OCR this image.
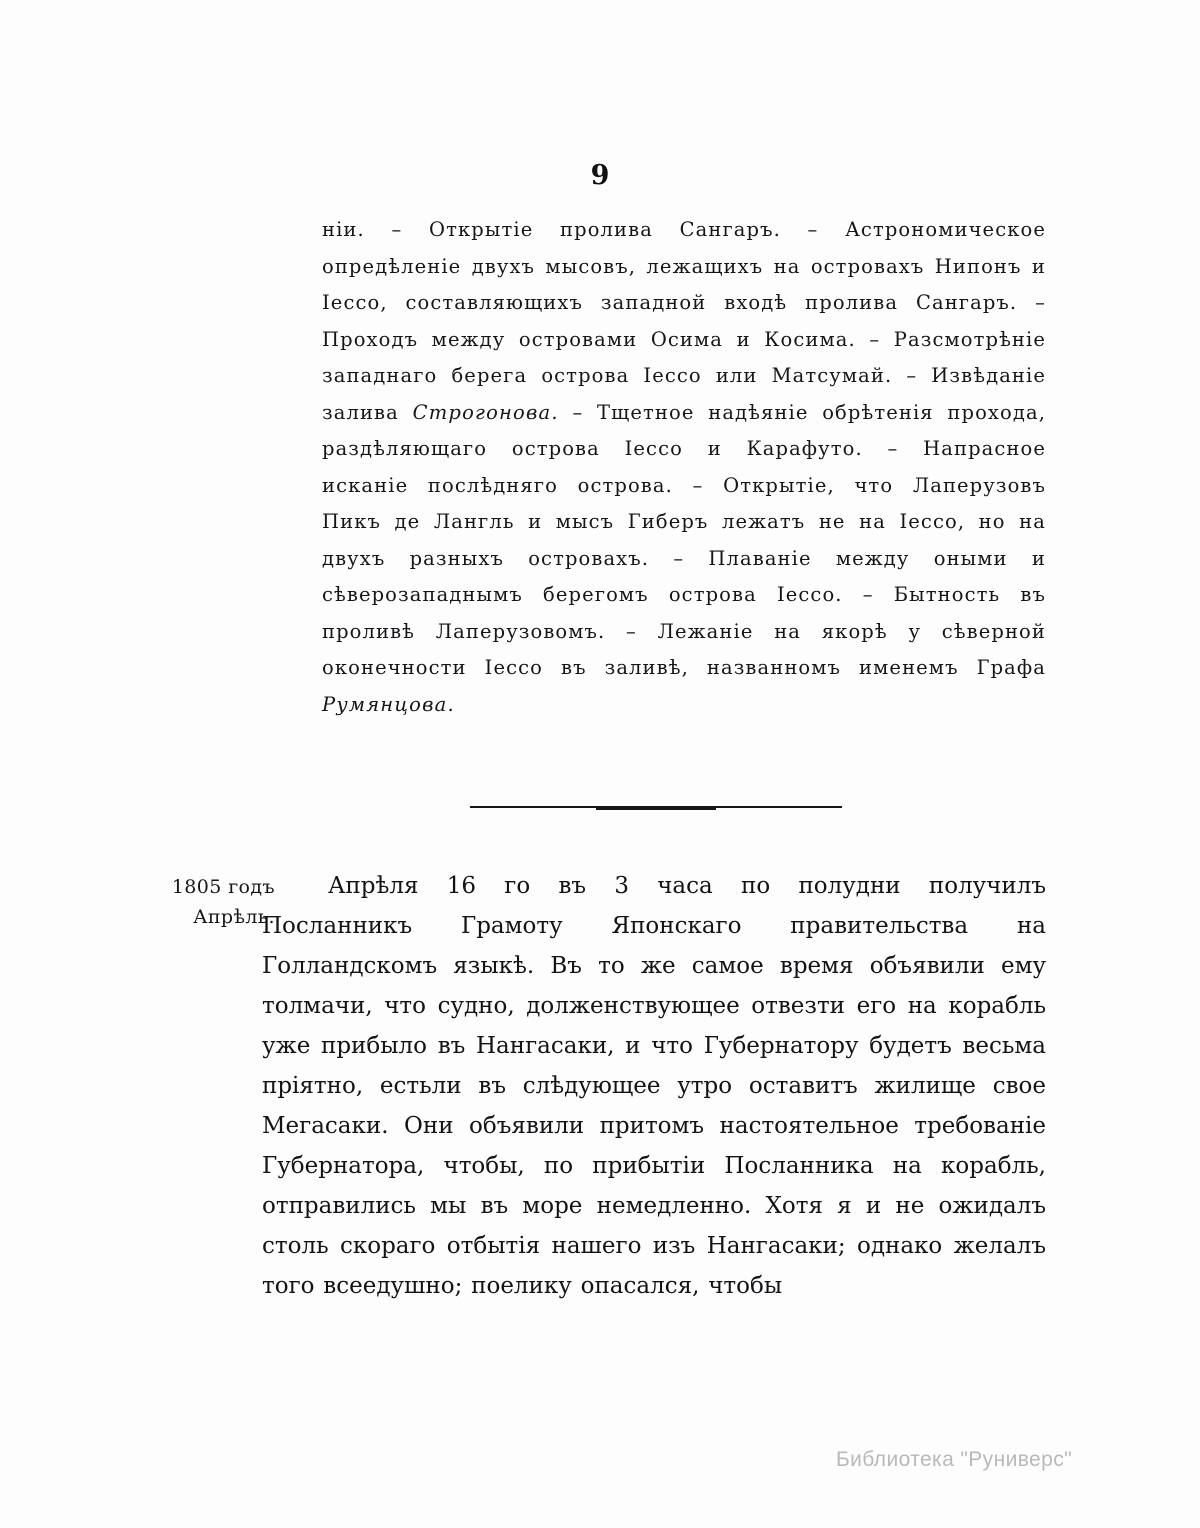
9
нiи. – Открытiе пролива Сангаръ. – Астрономическое опредѣленiе двухъ мысовъ, лежащихъ на островахъ Нипонъ и Iессо, составляющихъ западной входѣ пролива Сангаръ. – Проходъ между островами Осима и Косима. – Разсмотрѣнiе западнаго берега острова Iессо или Матсумай. – Извѣданiе залива Строгонова. – Тщетное надѣянiе обрѣтенiя прохода, раздѣляющаго острова Iессо и Карафуто. – Напрасное исканiе послѣдняго острова. – Открытiе, что Лаперузовъ Пикъ де Лангль и мысъ Гиберъ лежатъ не на Iессо, но на двухъ разныхъ островахъ. – Плаванiе между оными и сѣверозападнымъ берегомъ острова Iессо. – Бытность въ проливѣ Лаперузовомъ. – Лежанiе на якорѣ у сѣверной оконечности Iессо въ заливѣ, названномъ именемъ Графа Румянцова.
1805 годъ
Апрѣль.
Апрѣля 16 го въ 3 часа по полудни получилъ Посланникъ Грамоту Японскаго правительства на Голландскомъ языкѣ. Въ то же самое время объявили ему толмачи, что судно, долженствующее отвезти его на корабль уже прибыло въ Нангасаки, и что Губернатору будетъ весьма прiятно, естьли въ слѣдующее утро оставитъ жилище свое Мегасаки. Они объявили притомъ настоятельное требованiе Губернатора, чтобы, по прибытiи Посланника на корабль, отправились мы въ море немедленно. Хотя я и не ожидалъ столь скораго отбытiя нашего изъ Нангасаки; однако желалъ того всеедушно; поелику опасался, чтобы
Библиотека "Руниверс"
